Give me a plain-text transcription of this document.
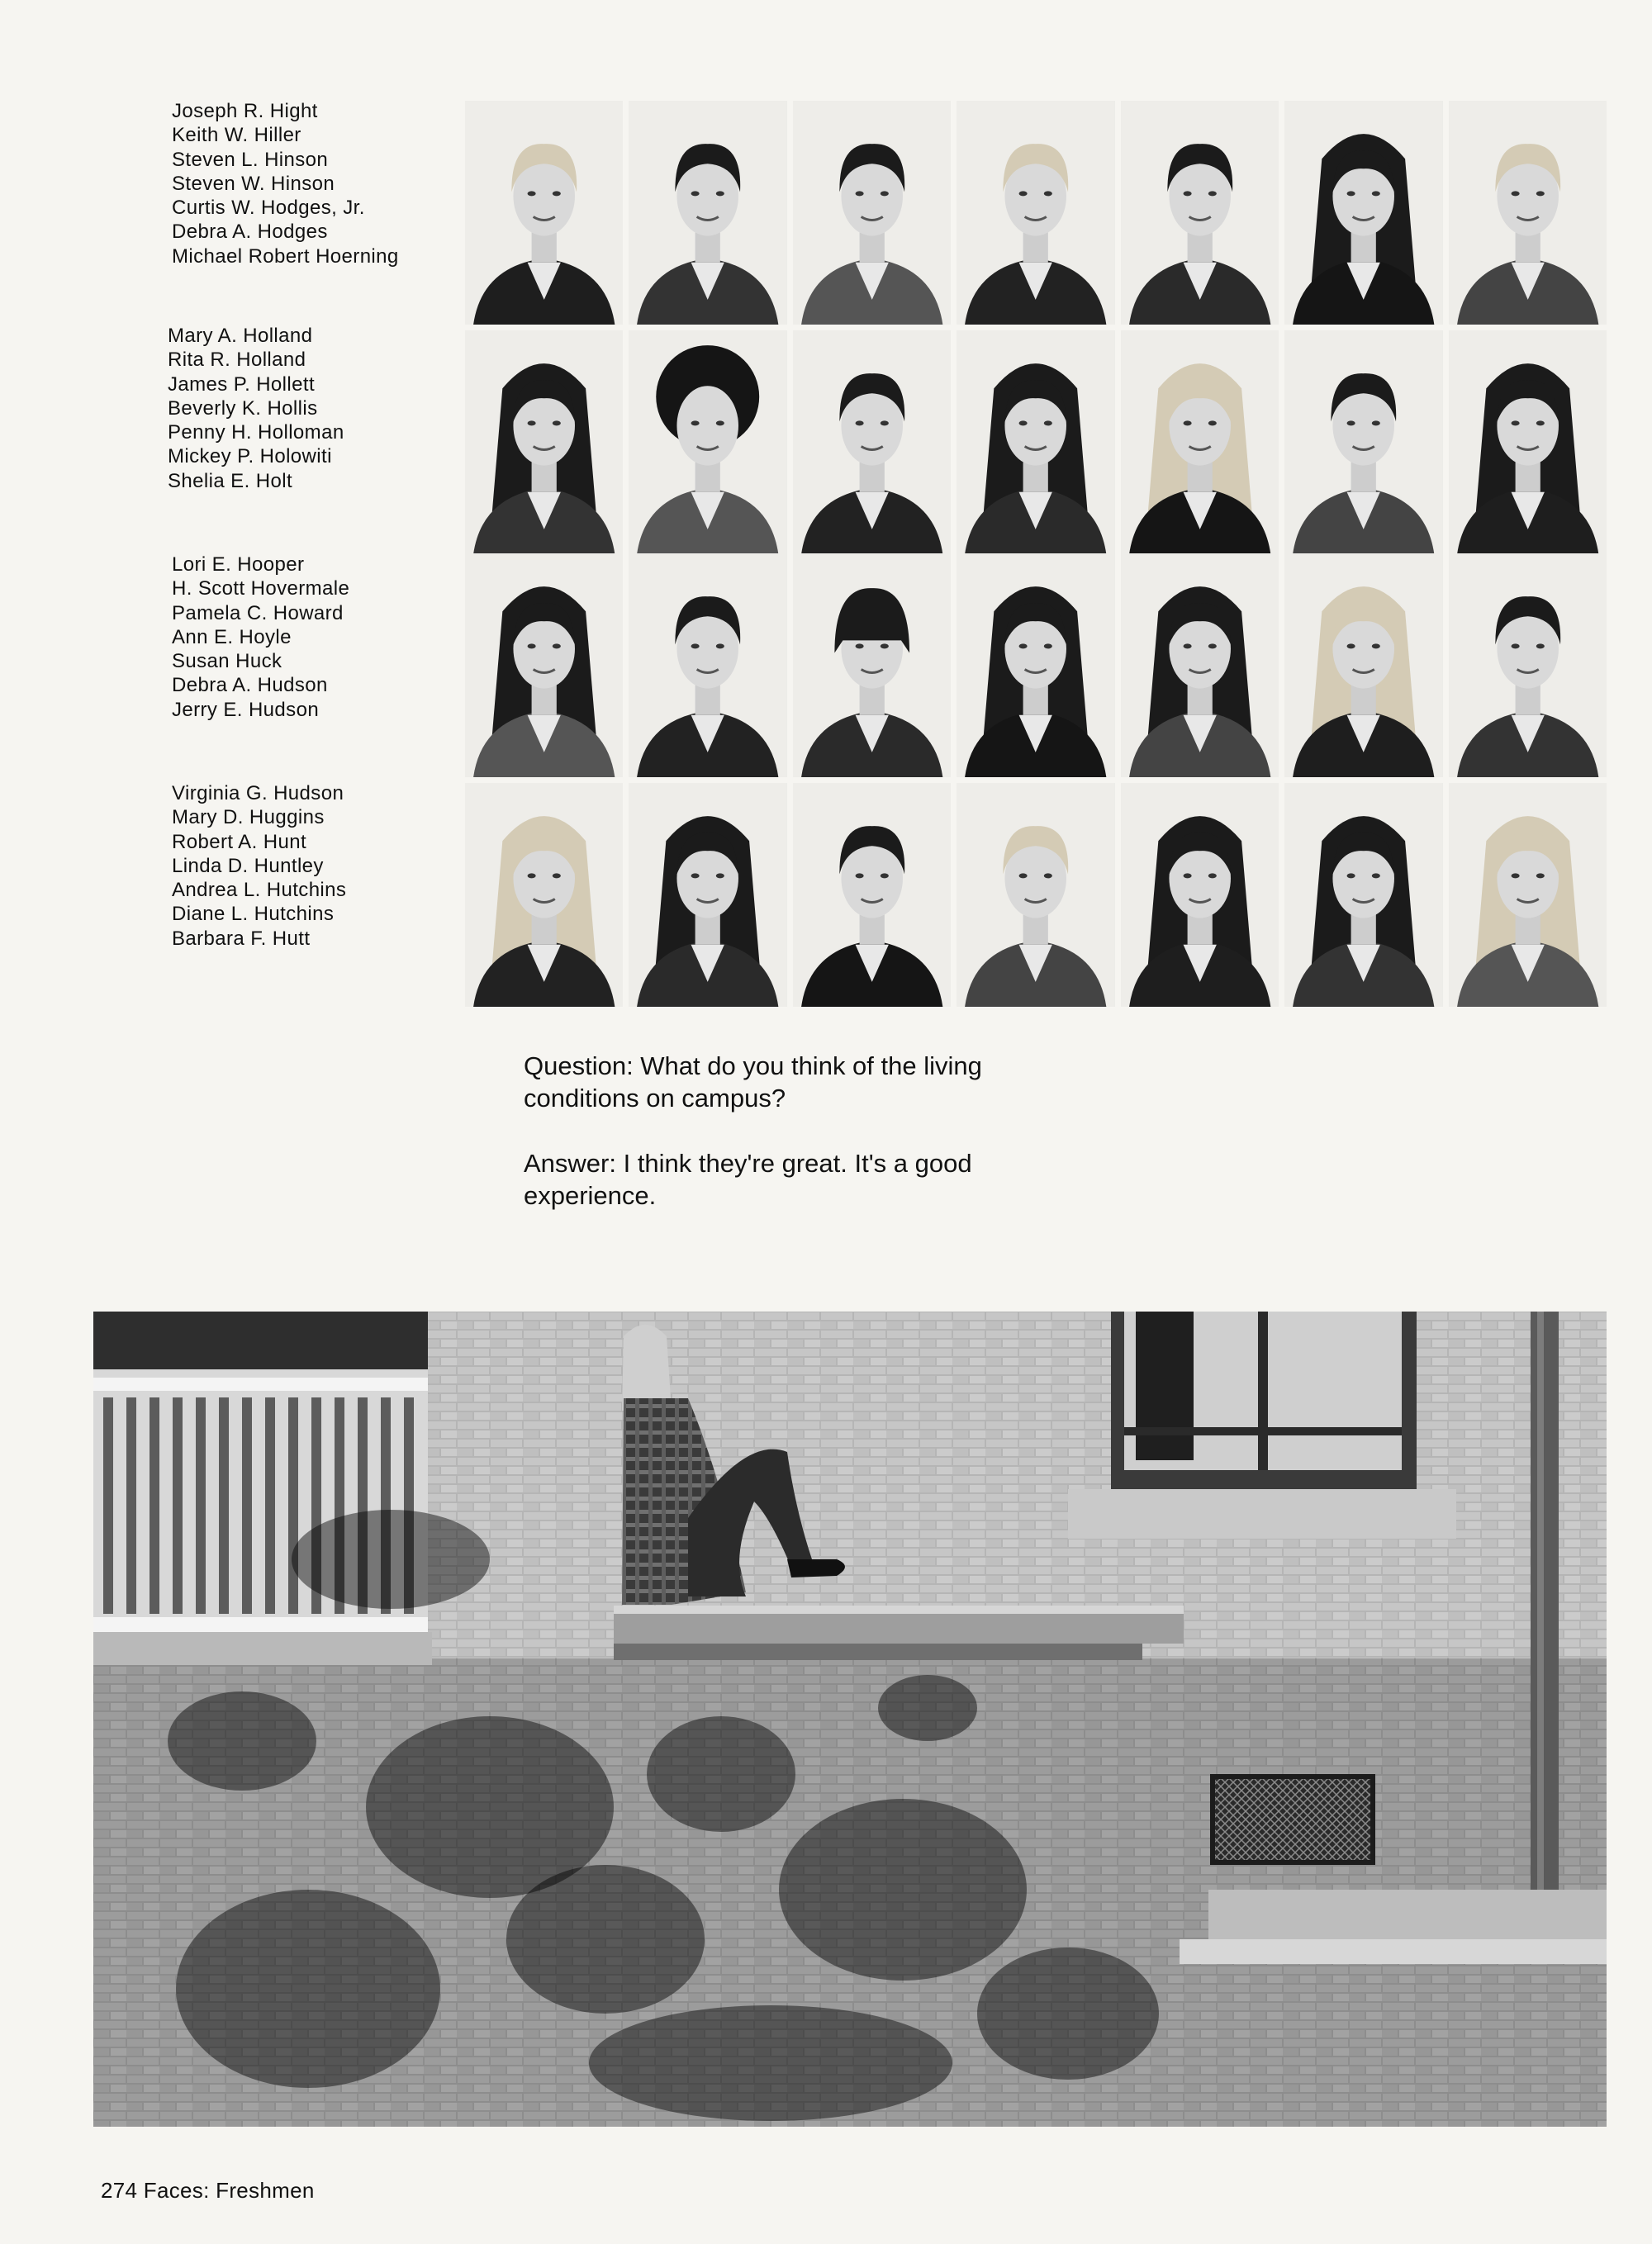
Joseph R. Hight
Keith W. Hiller
Steven L. Hinson
Steven W. Hinson
Curtis W. Hodges, Jr.
Debra A. Hodges
Michael Robert Hoerning
Mary A. Holland
Rita R. Holland
James P. Hollett
Beverly K. Hollis
Penny H. Holloman
Mickey P. Holowiti
Shelia E. Holt
Lori E. Hooper
H. Scott Hovermale
Pamela C. Howard
Ann E. Hoyle
Susan Huck
Debra A. Hudson
Jerry E. Hudson
Virginia G. Hudson
Mary D. Huggins
Robert A. Hunt
Linda D. Huntley
Andrea L. Hutchins
Diane L. Hutchins
Barbara F. Hutt

Question: What do you think of the living

conditions on campus?

Answer: I think they're great. It's a good

experience.

274 Faces: Freshmen
